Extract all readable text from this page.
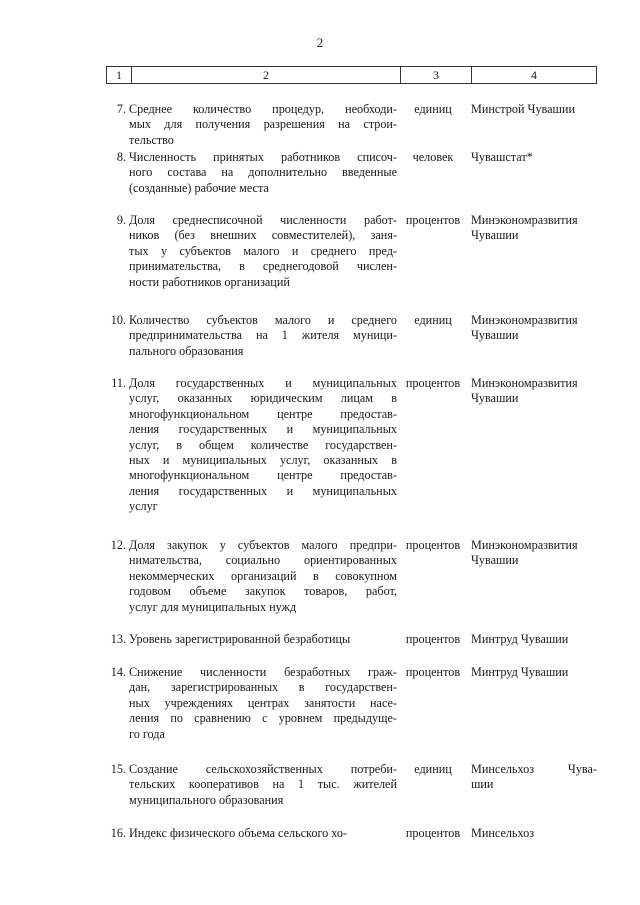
2
1	2	3	4
7. Среднее количество процедур, необходи-
мых для получения разрешения на строи-
тельство
единиц	Минстрой Чувашии
8. Численность принятых работников списоч-
ного состава на дополнительно введенные
(созданные) рабочие места
человек	Чувашстат*
9. Доля среднесписочной численности работ-
ников (без внешних совместителей), заня-
тых у субъектов малого и среднего пред-
принимательства, в среднегодовой числен-
ности работников организаций
процентов Минэкономразвития
Чувашии
10. Количество субъектов малого и среднего
предпринимательства на 1 жителя муници-
пального образования
единиц	Минэкономразвития
Чувашии
11. Доля государственных и муниципальных
услуг, оказанных юридическим лицам в
многофункциональном центре предостав-
ления государственных и муниципальных
услуг, в общем количестве государствен-
ных и муниципальных услуг, оказанных в
многофункциональном центре предостав-
ления государственных и муниципальных
услуг
процентов Минэкономразвития
Чувашии
12. Доля закупок у субъектов малого предпри-
нимательства, социально ориентированных
некоммерческих организаций в совокупном
годовом объеме закупок товаров, работ,
услуг для муниципальных нужд
процентов Минэкономразвития
Чувашии
13. Уровень зарегистрированной безработицы	процентов Минтруд Чувашии
14. Снижение численности безработных граж-
дан, зарегистрированных в государствен-
ных учреждениях центрах занятости насе-
ления по сравнению с уровнем предыдуще-
го года
процентов Минтруд Чувашии
15. Создание сельскохозяйственных потреби-
тельских кооперативов на 1 тыс. жителей
муниципального образования
единиц	Минсельхоз Чува-
шии
16. Индекс физического объема сельского хо-	процентов Минсельхоз
